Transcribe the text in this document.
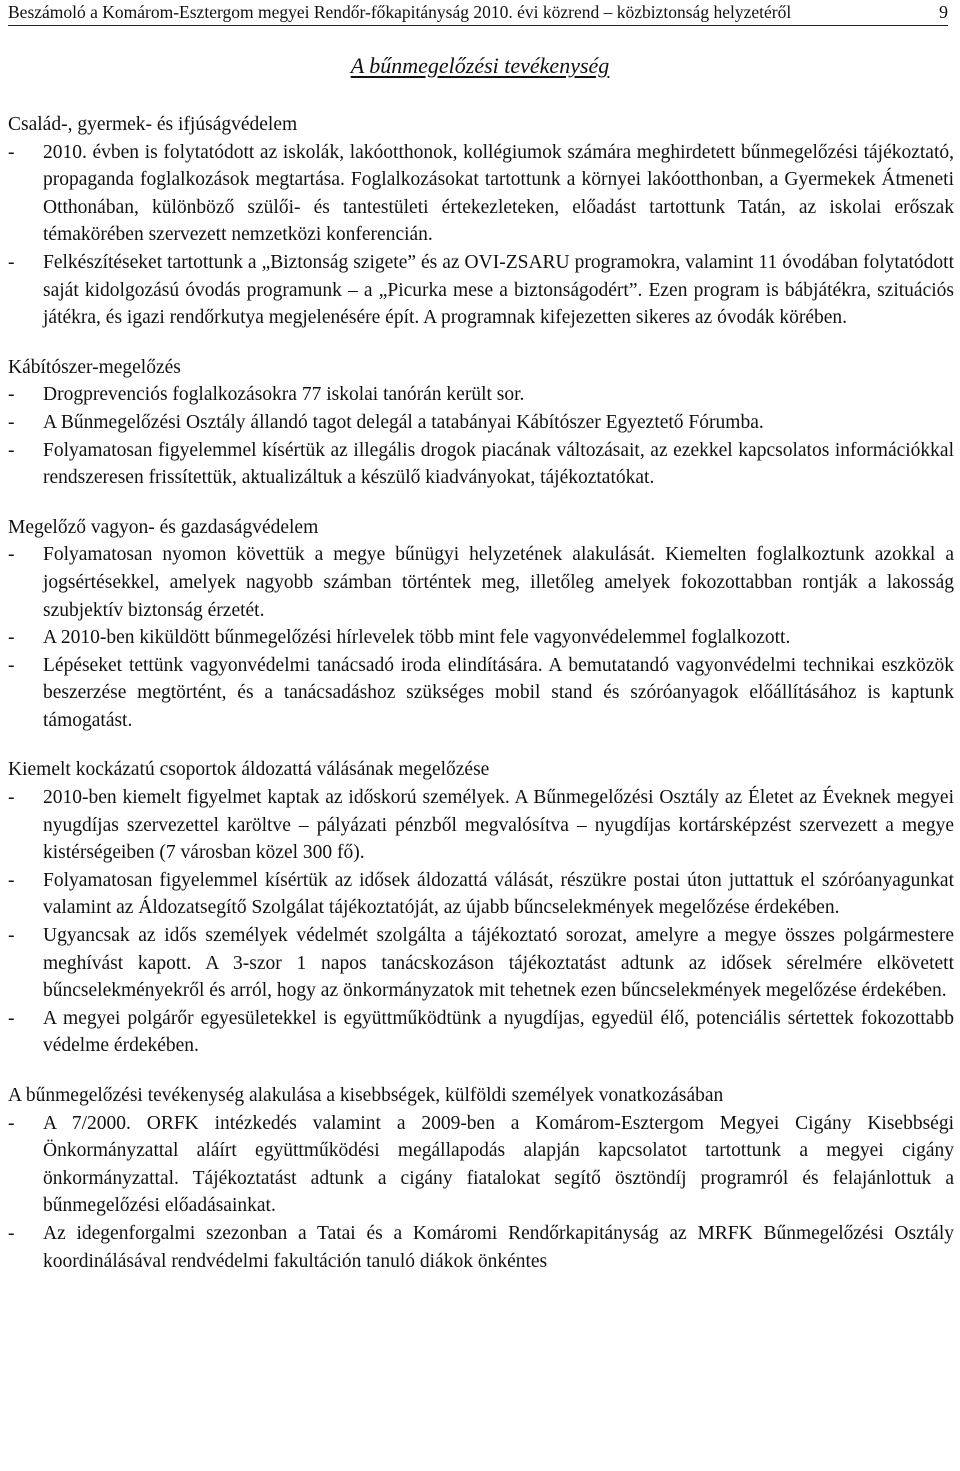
Beszámoló a Komárom-Esztergom megyei Rendőr-főkapitányság 2010. évi közrend – közbiztonság helyzetéről	9
A bűnmegelőzési tevékenység

Család-, gyermek- és ifjúságvédelem

- 2010. évben is folytatódott az iskolák, lakóotthonok, kollégiumok számára meghirdetett bűnmegelőzési tájékoztató, propaganda foglalkozások megtartása. Foglalkozásokat tartottunk a környei lakóotthonban, a Gyermekek Átmeneti Otthonában, különböző szülői- és tantestületi értekezleteken, előadást tartottunk Tatán, az iskolai erőszak témakörében szervezett nemzetközi konferencián.

- Felkészítéseket tartottunk a „Biztonság szigete” és az OVI-ZSARU programokra, valamint 11 óvodában folytatódott saját kidolgozású óvodás programunk – a „Picurka mese a biztonságodért”. Ezen program is bábjátékra, szituációs játékra, és igazi rendőrkutya megjelenésére épít. A programnak kifejezetten sikeres az óvodák körében.

Kábítószer-megelőzés

- Drogprevenciós foglalkozásokra 77 iskolai tanórán került sor.

- A Bűnmegelőzési Osztály állandó tagot delegál a tatabányai Kábítószer Egyeztető Fórumba.

- Folyamatosan figyelemmel kísértük az illegális drogok piacának változásait, az ezekkel kapcsolatos információkkal rendszeresen frissítettük, aktualizáltuk a készülő kiadványokat, tájékoztatókat.

Megelőző vagyon- és gazdaságvédelem

- Folyamatosan nyomon követtük a megye bűnügyi helyzetének alakulását. Kiemelten foglalkoztunk azokkal a jogsértésekkel, amelyek nagyobb számban történtek meg, illetőleg amelyek fokozottabban rontják a lakosság szubjektív biztonság érzetét.

- A 2010-ben kiküldött bűnmegelőzési hírlevelek több mint fele vagyonvédelemmel foglalkozott.

- Lépéseket tettünk vagyonvédelmi tanácsadó iroda elindítására. A bemutatandó vagyonvédelmi technikai eszközök beszerzése megtörtént, és a tanácsadáshoz szükséges mobil stand és szóróanyagok előállításához is kaptunk támogatást.

Kiemelt kockázatú csoportok áldozattá válásának megelőzése

- 2010-ben kiemelt figyelmet kaptak az időskorú személyek. A Bűnmegelőzési Osztály az Életet az Éveknek megyei nyugdíjas szervezettel karöltve – pályázati pénzből megvalósítva – nyugdíjas kortársképzést szervezett a megye kistérségeiben (7 városban közel 300 fő).

- Folyamatosan figyelemmel kísértük az idősek áldozattá válását, részükre postai úton juttattuk el szóróanyagunkat valamint az Áldozatsegítő Szolgálat tájékoztatóját, az újabb bűncselekmények megelőzése érdekében.

- Ugyancsak az idős személyek védelmét szolgálta a tájékoztató sorozat, amelyre a megye összes polgármestere meghívást kapott. A 3-szor 1 napos tanácskozáson tájékoztatást adtunk az idősek sérelmére elkövetett bűncselekményekről és arról, hogy az önkormányzatok mit tehetnek ezen bűncselekmények megelőzése érdekében.

- A megyei polgárőr egyesületekkel is együttműködtünk a nyugdíjas, egyedül élő, potenciális sértettek fokozottabb védelme érdekében.

A bűnmegelőzési tevékenység alakulása a kisebbségek, külföldi személyek vonatkozásában

- A 7/2000. ORFK intézkedés valamint a 2009-ben a Komárom-Esztergom Megyei Cigány Kisebbségi Önkormányzattal aláírt együttműködési megállapodás alapján kapcsolatot tartottunk a megyei cigány önkormányzattal. Tájékoztatást adtunk a cigány fiatalokat segítő ösztöndíj programról és felajánlottuk a bűnmegelőzési előadásainkat.

- Az idegenforgalmi szezonban a Tatai és a Komáromi Rendőrkapitányság az MRFK Bűnmegelőzési Osztály koordinálásával rendvédelmi fakultáción tanuló diákok önkéntes
